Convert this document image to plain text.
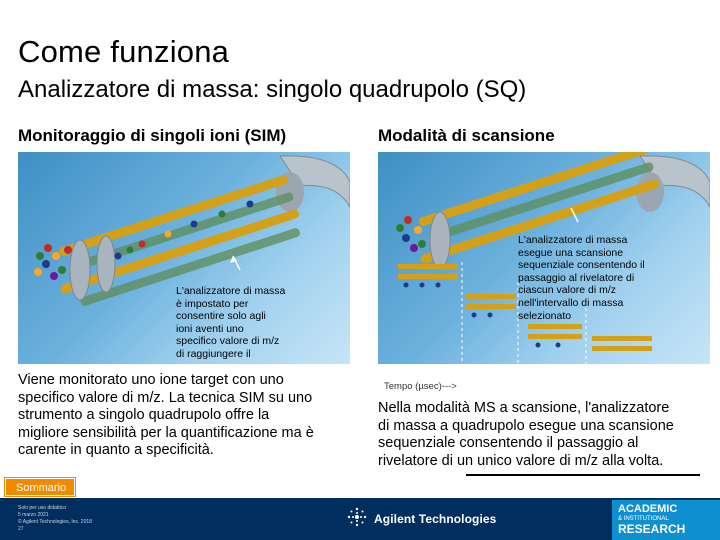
Come funziona
Analizzatore di massa: singolo quadrupolo (SQ)
Monitoraggio di singoli ioni (SIM)	Modalità di scansione
L'analizzatore di massa
è impostato per
consentire solo agli
ioni aventi uno
specifico valore di m/z
di raggiungere il
L'analizzatore di massa
esegue una scansione
sequenziale consentendo il
passaggio al rivelatore di
ciascun valore di m/z
nell'intervallo di massa
selezionato
Tempo (µsec)--->
Viene monitorato uno ione target con uno
specifico valore di m/z. La tecnica SIM su uno
strumento a singolo quadrupolo offre la
migliore sensibilità per la quantificazione ma è
carente in quanto a specificità.
Nella modalità MS a scansione, l'analizzatore
di massa a quadrupolo esegue una scansione
sequenziale consentendo il passaggio al
rivelatore di un unico valore di m/z alla volta.
Sommario
Solo per uso didattico
5 marzo 2021
© Agilent Technologies, Inc. 2018
27
Agilent Technologies
ACADEMIC
& INSTITUTIONAL
RESEARCH
